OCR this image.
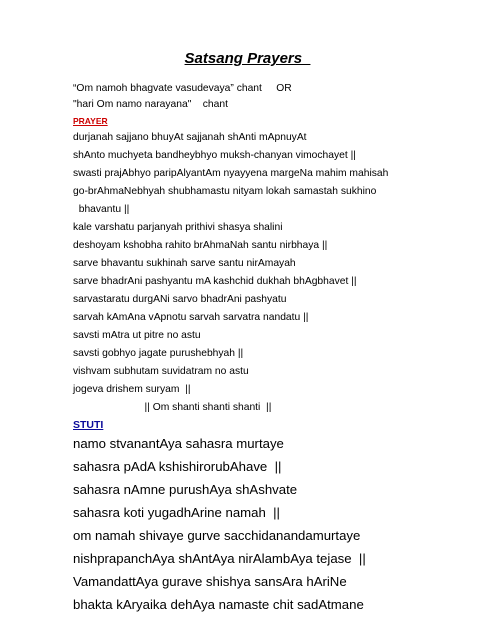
Satsang Prayers
“Om namoh bhagvate vasudevaya” chant     OR
"hari Om namo narayana"    chant
PRAYER
durjanah sajjano bhuyAt sajjanah shAnti mApnuyAt
shAnto muchyeta bandheybhyo muksh-chanyan vimochayet ||
swasti prajAbhyo paripAlyantAm nyayyena margeNa mahim mahisah
go-brAhmaNebhyah shubhamastu nityam lokah samastah sukhino
bhavantu ||
kale varshatu parjanyah prithivi shasya shalini
deshoyam kshobha rahito brAhmaNah santu nirbhaya ||
sarve bhavantu sukhinah sarve santu nirAmayah
sarve bhadrAni pashyantu mA kashchid dukhah bhAgbhavet ||
sarvastaratu durgANi sarvo bhadrAni pashyatu
sarvah kAmAna vApnotu sarvah sarvatra nandatu ||
savsti mAtra ut pitre no astu
savsti gobhyo jagate purushebhyah ||
vishvam subhutam suvidatram no astu
jogeva drishem suryam  ||
|| Om shanti shanti shanti  ||
STUTI
namo stvanantAya sahasra murtaye
sahasra pAdA kshishirorubAhave  ||
sahasra nAmne purushAya shAshvate
sahasra koti yugadhArine namah  ||
om namah shivaye gurve sacchidanandamurtaye
nishprapanchAya shAntAya nirAlambAya tejase  ||
VamandattAya gurave shishya sansAra hAriNe
bhakta kAryaika dehAya namaste chit sadAtmane
